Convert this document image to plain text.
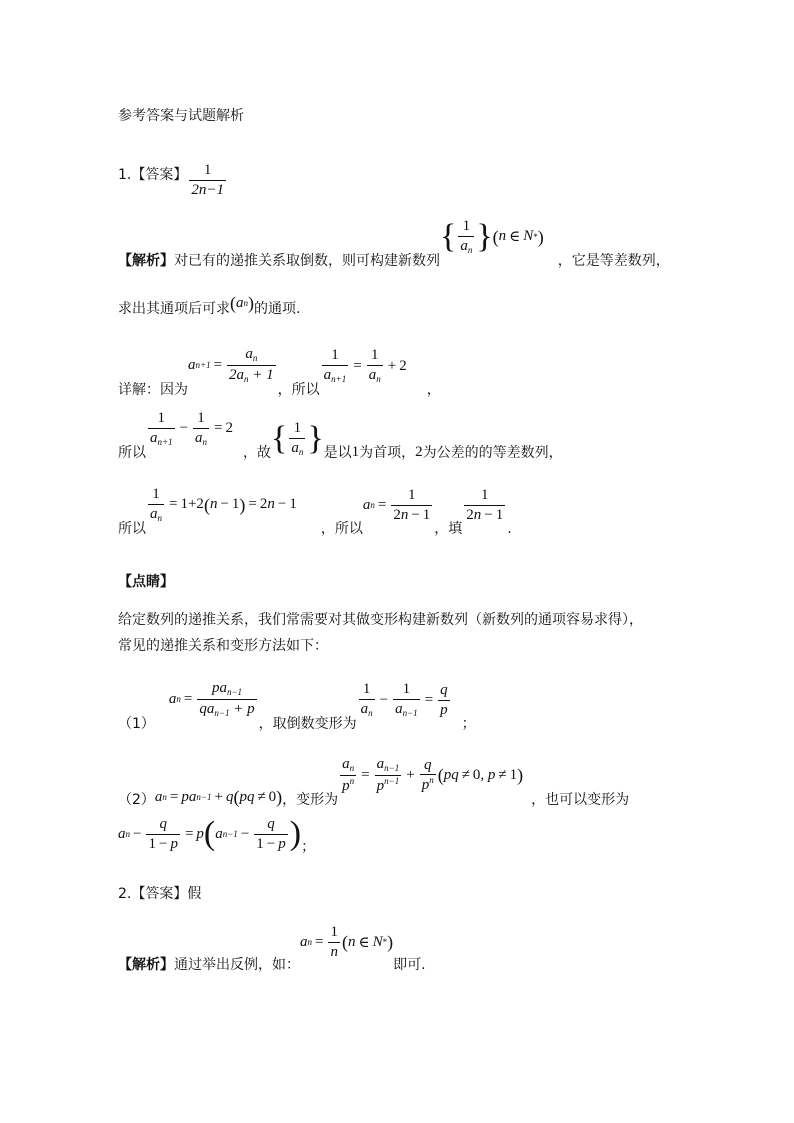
参考答案与试题解析
1.【答案】 $\frac{1}{2n-1}$
【解析】 对已有的递推关系取倒数，则可构建新数列
{ $\frac{1}{a_n}$ } ( n ∈ N * )
，它是等差数列，
求出其通项后可求 ( a n ) 的通项.
详解：因为
a $n+1 = \frac{a_n}{2a_n + 1}$
，所以
$\frac{1}{a_{n+1}} = \frac{1}{a_n} + 2$
，
所以
$\frac{1}{a_{n+1}} - \frac{1}{a_n} = 2$
，故 { $\frac{1}{a_n}$ } 是以 1 为首项， 2 为公差的的等差数列，
所以
$\frac{1}{a_n} = 1+2$ ( n − 1 ) = 2 n − 1
，所以
a $n = \frac{1}{2n - 1}$
，填
$\frac{1}{2n - 1}$
.
【点睛】
给定数列的递推关系，我们常需要对其做变形构建新数列（新数列的通项容易求得），
常见的递推关系和变形方法如下：
（1）
a $n = \frac{pa_{n-1}}{qa_{n-1} + p}$
，取倒数变形为
$\frac{1}{a_n} - \frac{1}{a_{n-1}} = \frac{q}{p}$
；
（2） a n = pa n−1 + q ( pq ≠ 0 ) ，变形为
$\frac{a_n}{p^n} = \frac{a_{n-1}}{p^{n-1}} + \frac{q}{p^n}$ ( pq ≠ 0 , p ≠ 1 )
，也可以变形为
a $n - \frac{q}{1 - p} = p$ ( a $n-1 - \frac{q}{1 - p}$ ) ；
2.【答案】 假
【解析】 通过举出反例，如：
a $n = \frac{1}{n}$ ( n ∈ N * )
即可.
